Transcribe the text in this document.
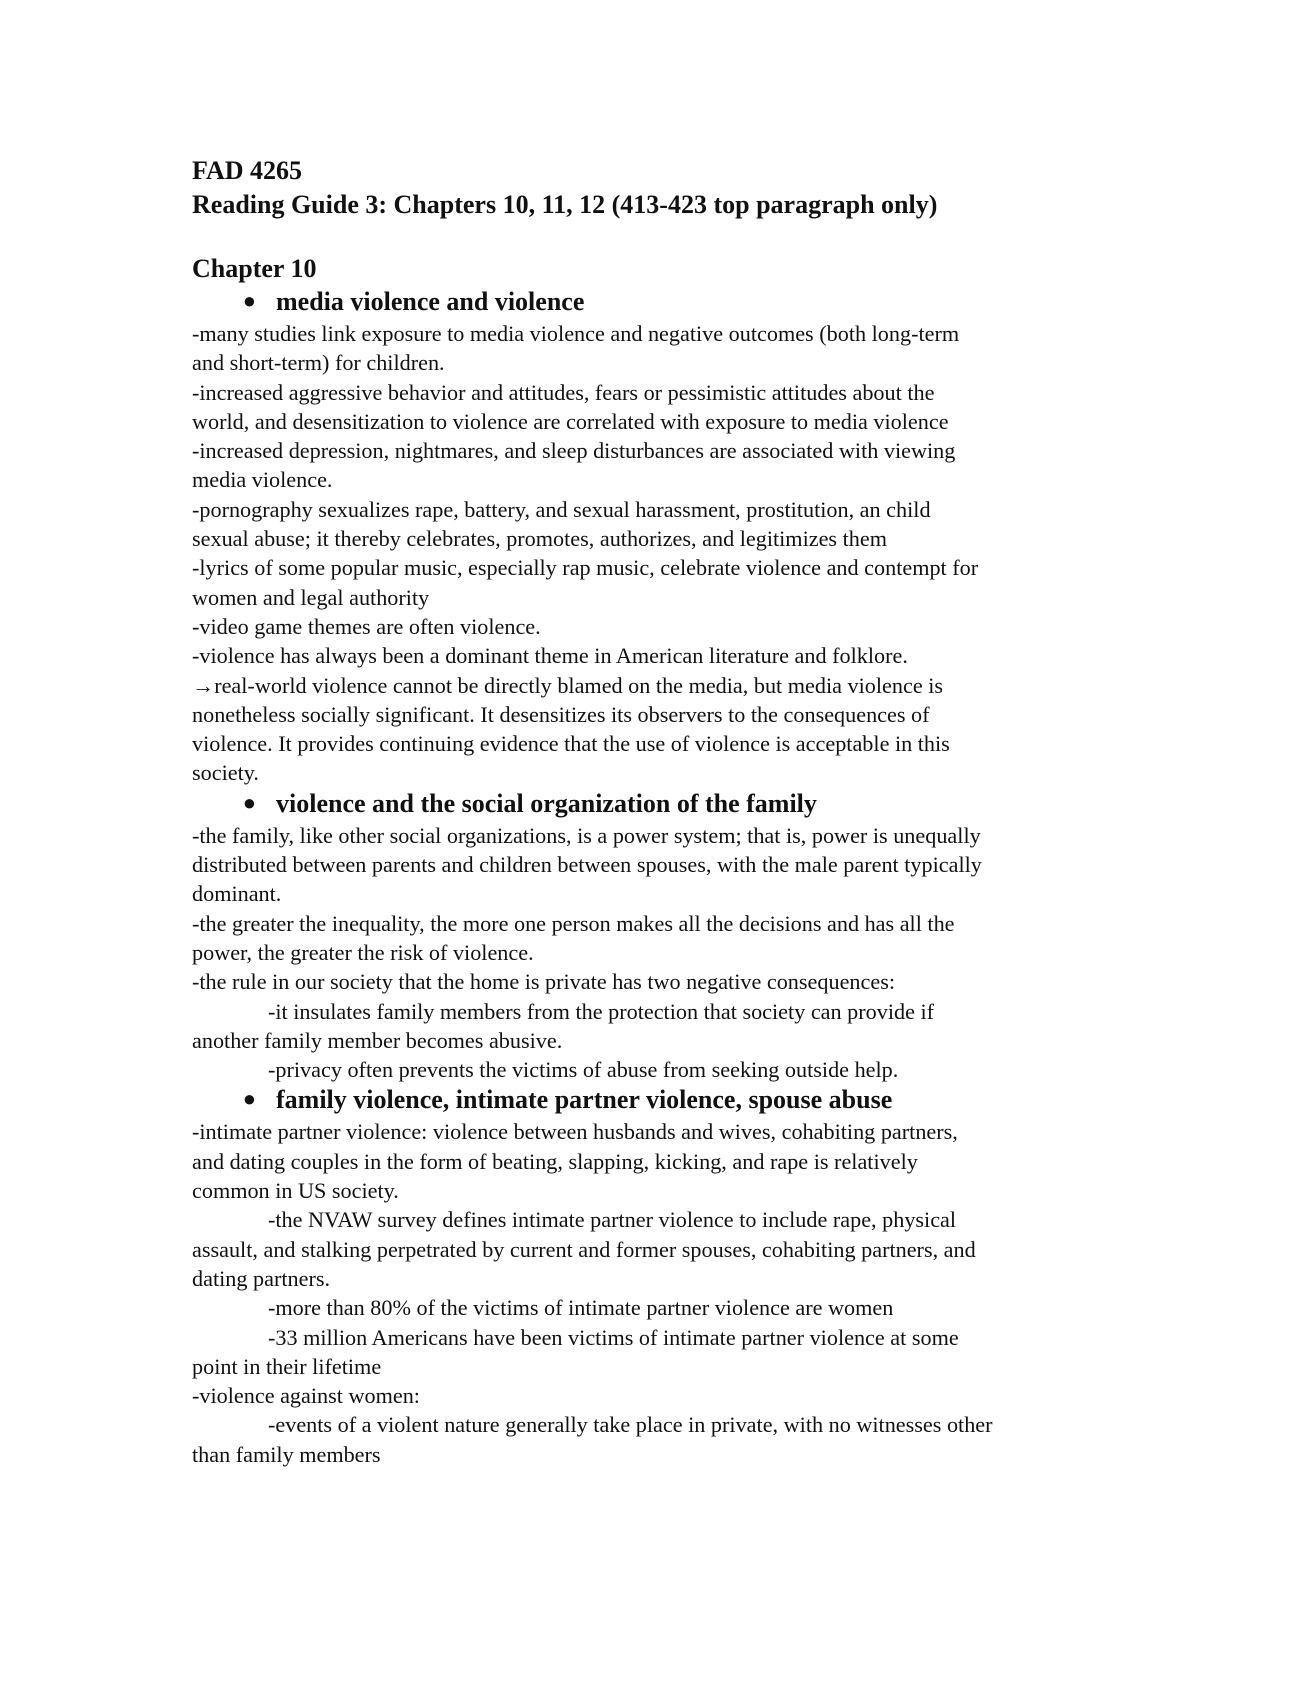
FAD 4265
Reading Guide 3: Chapters 10, 11, 12 (413-423 top paragraph only)
Chapter 10
● media violence and violence
-many studies link exposure to media violence and negative outcomes (both long-term
and short-term) for children.
-increased aggressive behavior and attitudes, fears or pessimistic attitudes about the
world, and desensitization to violence are correlated with exposure to media violence
-increased depression, nightmares, and sleep disturbances are associated with viewing
media violence.
-pornography sexualizes rape, battery, and sexual harassment, prostitution, an child
sexual abuse; it thereby celebrates, promotes, authorizes, and legitimizes them
-lyrics of some popular music, especially rap music, celebrate violence and contempt for
women and legal authority
-video game themes are often violence.
-violence has always been a dominant theme in American literature and folklore.
→real-world violence cannot be directly blamed on the media, but media violence is
nonetheless socially significant. It desensitizes its observers to the consequences of
violence. It provides continuing evidence that the use of violence is acceptable in this
society.
● violence and the social organization of the family
-the family, like other social organizations, is a power system; that is, power is unequally
distributed between parents and children between spouses, with the male parent typically
dominant.
-the greater the inequality, the more one person makes all the decisions and has all the
power, the greater the risk of violence.
-the rule in our society that the home is private has two negative consequences:
-it insulates family members from the protection that society can provide if
another family member becomes abusive.
-privacy often prevents the victims of abuse from seeking outside help.
● family violence, intimate partner violence, spouse abuse
-intimate partner violence: violence between husbands and wives, cohabiting partners,
and dating couples in the form of beating, slapping, kicking, and rape is relatively
common in US society.
-the NVAW survey defines intimate partner violence to include rape, physical
assault, and stalking perpetrated by current and former spouses, cohabiting partners, and
dating partners.
-more than 80% of the victims of intimate partner violence are women
-33 million Americans have been victims of intimate partner violence at some
point in their lifetime
-violence against women:
-events of a violent nature generally take place in private, with no witnesses other
than family members
